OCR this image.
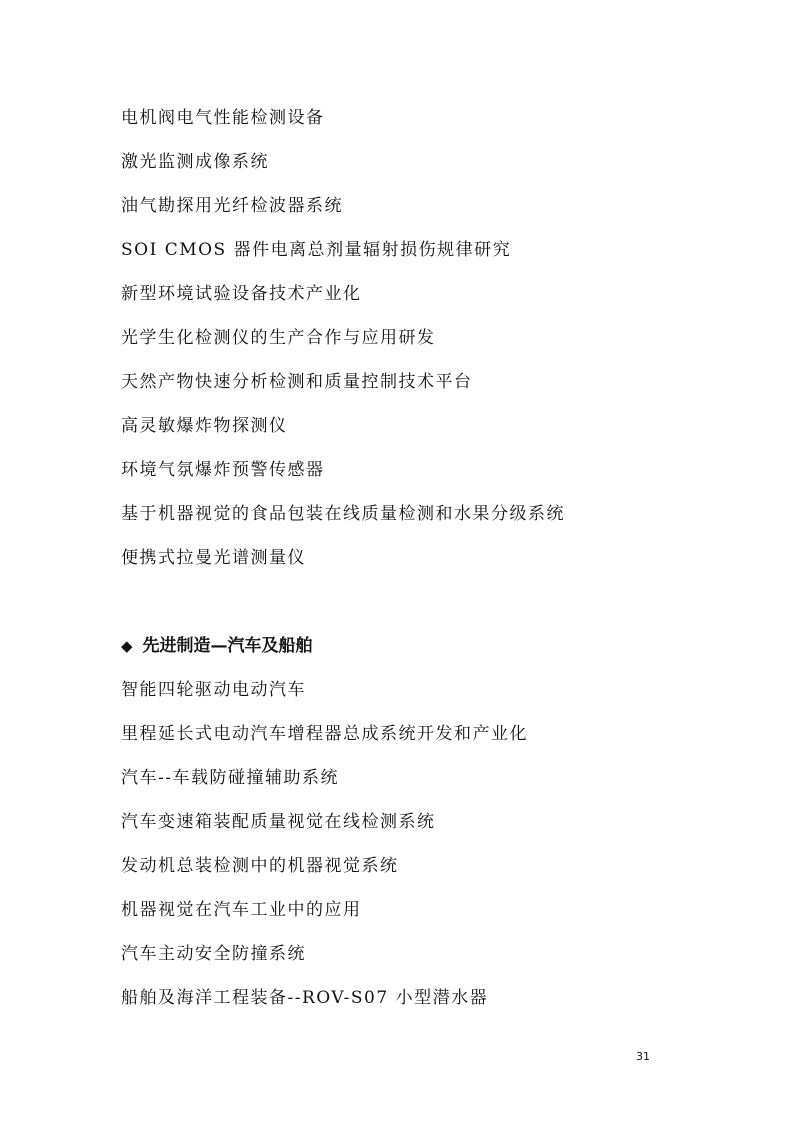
电机阀电气性能检测设备
激光监测成像系统
油气勘探用光纤检波器系统
SOI CMOS 器件电离总剂量辐射损伤规律研究
新型环境试验设备技术产业化
光学生化检测仪的生产合作与应用研发
天然产物快速分析检测和质量控制技术平台
高灵敏爆炸物探测仪
环境气氛爆炸预警传感器
基于机器视觉的食品包装在线质量检测和水果分级系统
便携式拉曼光谱测量仪
◆ 先进制造—汽车及船舶
智能四轮驱动电动汽车
里程延长式电动汽车增程器总成系统开发和产业化
汽车--车载防碰撞辅助系统
汽车变速箱装配质量视觉在线检测系统
发动机总装检测中的机器视觉系统
机器视觉在汽车工业中的应用
汽车主动安全防撞系统
船舶及海洋工程装备--ROV-S07 小型潜水器
31
